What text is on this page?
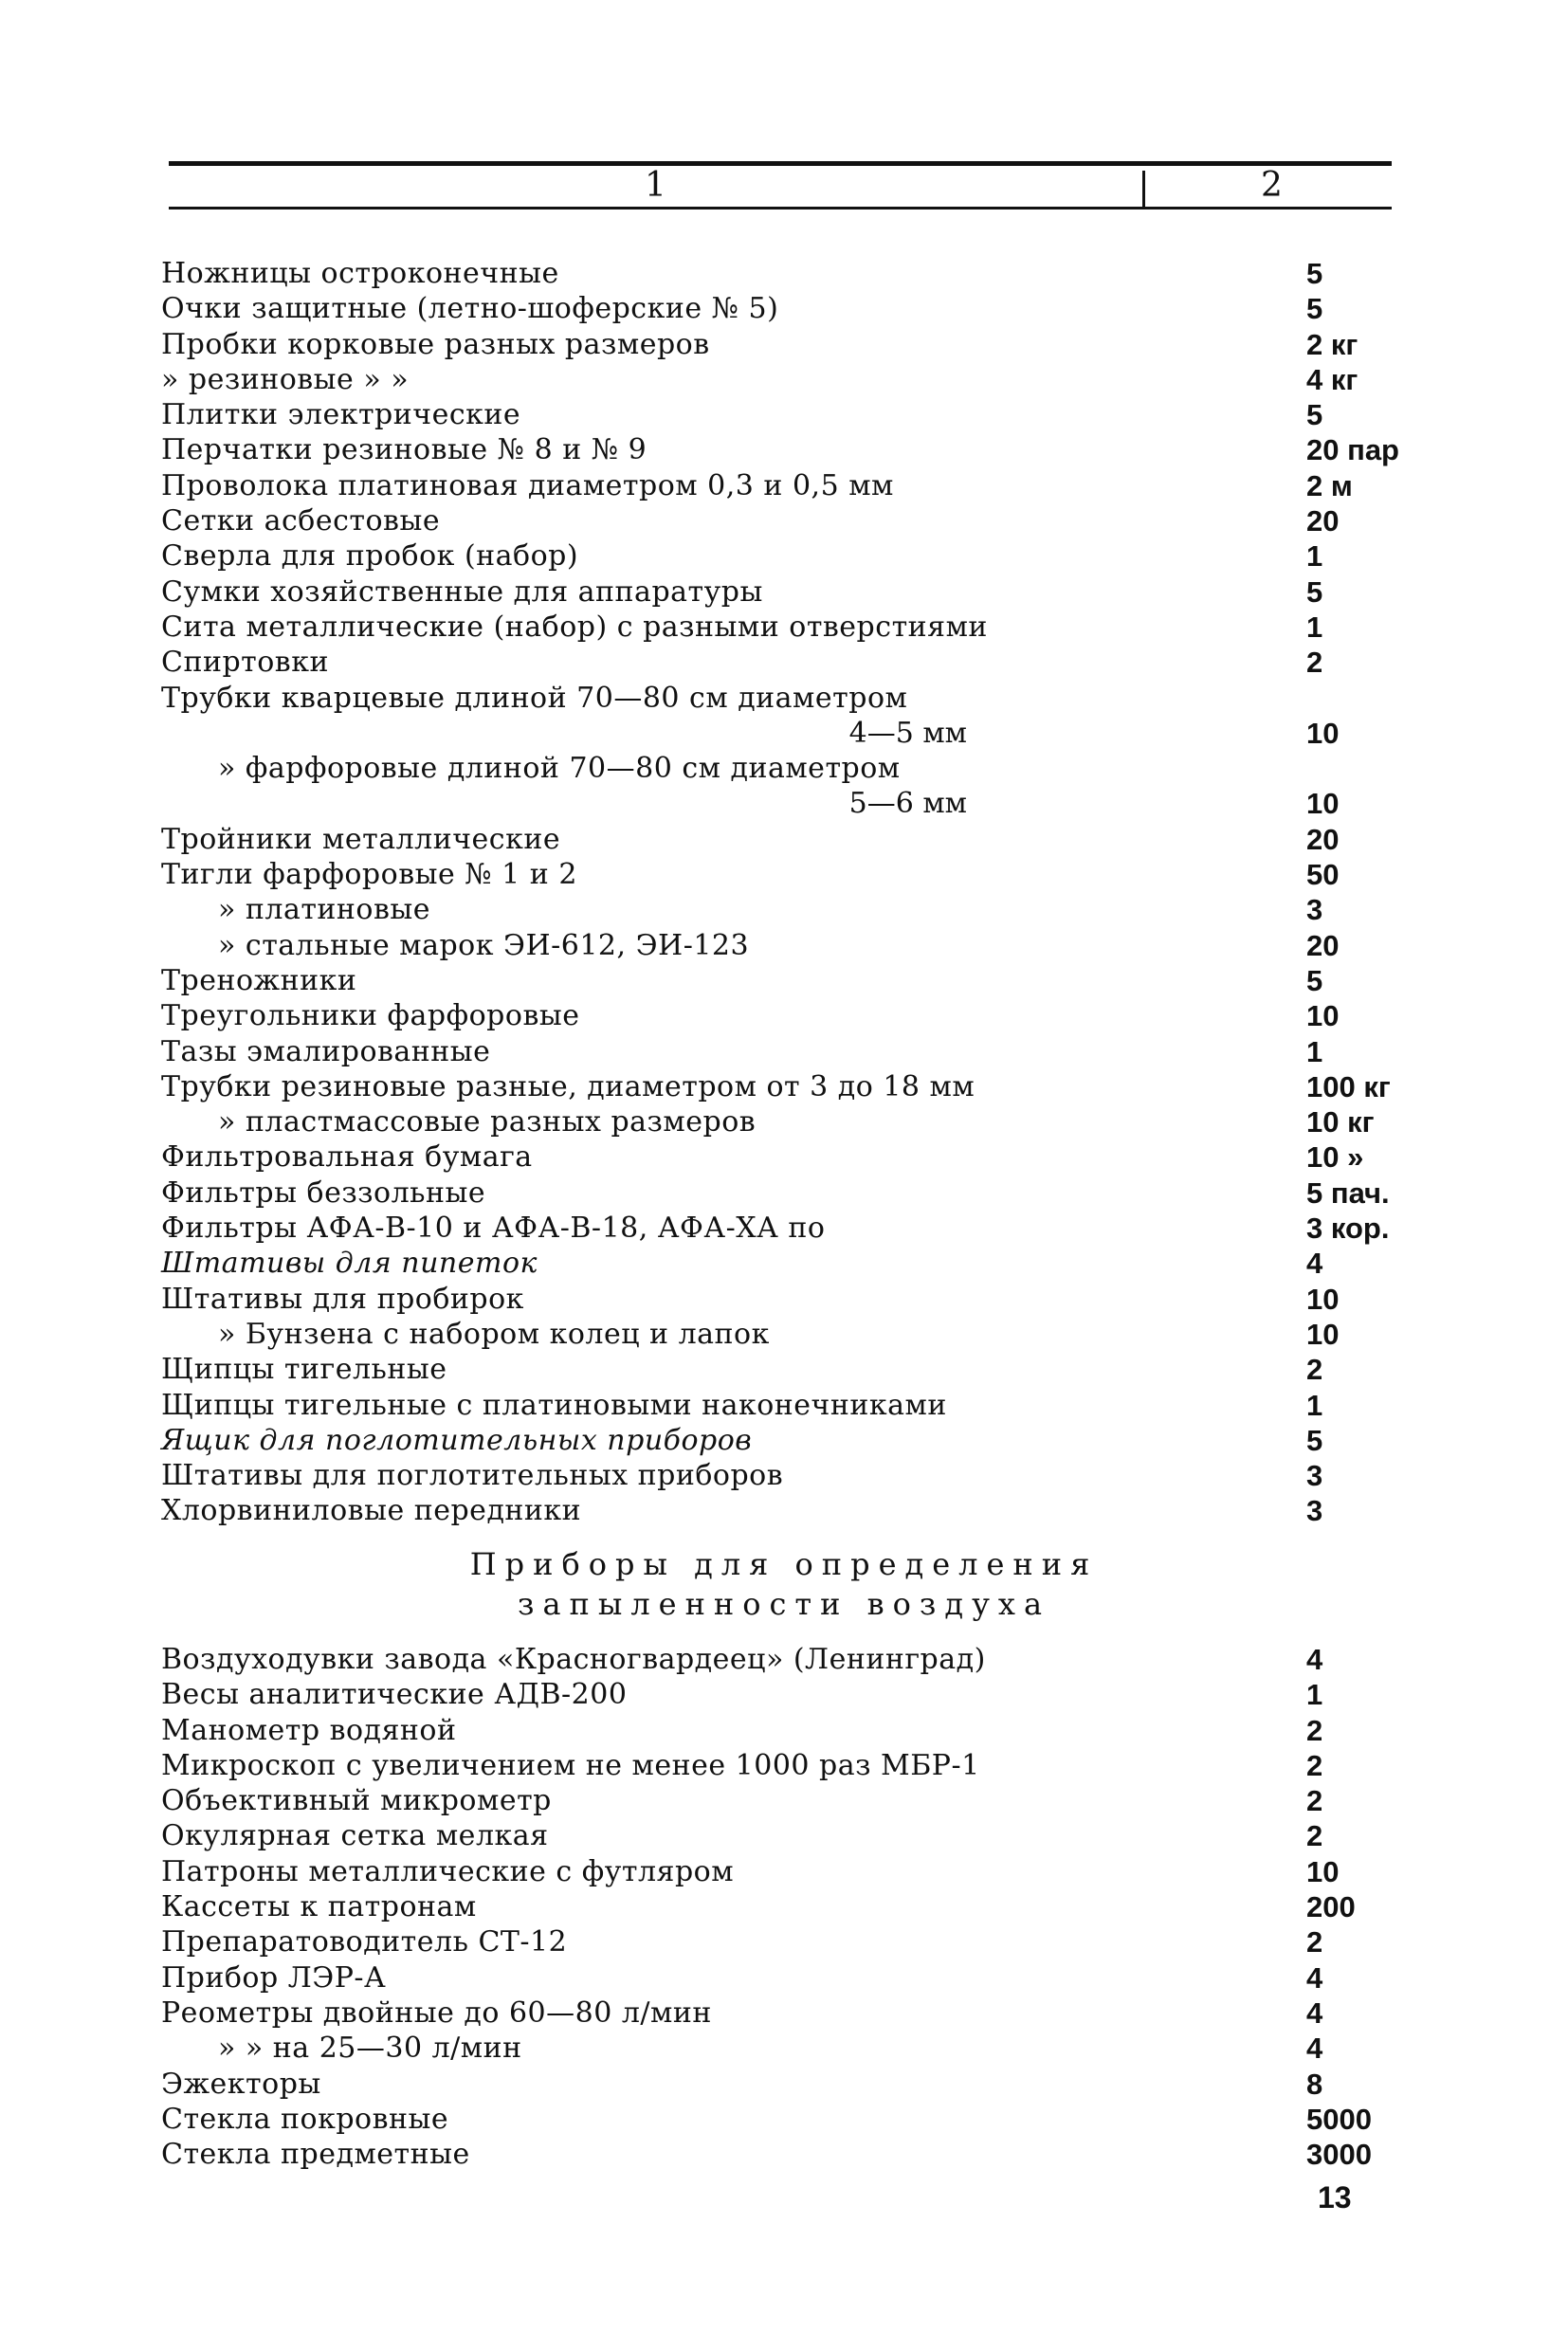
1	2
Ножницы остроконечные	5
Очки защитные (летно-шоферские № 5)	5
Пробки корковые разных размеров	2 кг
» резиновые » »	4 кг
Плитки электрические	5
Перчатки резиновые № 8 и № 9	20 пар
Проволока платиновая диаметром 0,3 и 0,5 мм	2 м
Сетки асбестовые	20
Сверла для пробок (набор)	1
Сумки хозяйственные для аппаратуры	5
Сита металлические (набор) с разными отверстиями	1
Спиртовки	2
Трубки кварцевые длиной 70—80 см диаметром
4—5 мм	10
» фарфоровые длиной 70—80 см диаметром
5—6 мм	10
Тройники металлические	20
Тигли фарфоровые № 1 и 2	50
» платиновые	3
» стальные марок ЭИ-612, ЭИ-123	20
Треножники	5
Треугольники фарфоровые	10
Тазы эмалированные	1
Трубки резиновые разные, диаметром от 3 до 18 мм	100 кг
» пластмассовые разных размеров	10 кг
Фильтровальная бумага	10 »
Фильтры беззольные	5 пач.
Фильтры АФА-В-10 и АФА-В-18, АФА-ХА по	3 кор.
Штативы для пипеток	4
Штативы для пробирок	10
» Бунзена с набором колец и лапок	10
Щипцы тигельные	2
Щипцы тигельные с платиновыми наконечниками	1
Ящик для поглотительных приборов	5
Штативы для поглотительных приборов	3
Хлорвиниловые передники	3
Приборы для определения
запыленности воздуха
Воздуходувки завода «Красногвардеец» (Ленинград)	4
Весы аналитические АДВ-200	1
Манометр водяной	2
Микроскоп с увеличением не менее 1000 раз МБР-1	2
Объективный микрометр	2
Окулярная сетка мелкая	2
Патроны металлические с футляром	10
Кассеты к патронам	200
Препаратоводитель СТ-12	2
Прибор ЛЭР-А	4
Реометры двойные до 60—80 л/мин	4
» » на 25—30 л/мин	4
Эжекторы	8
Стекла покровные	5000
Стекла предметные	3000
13
